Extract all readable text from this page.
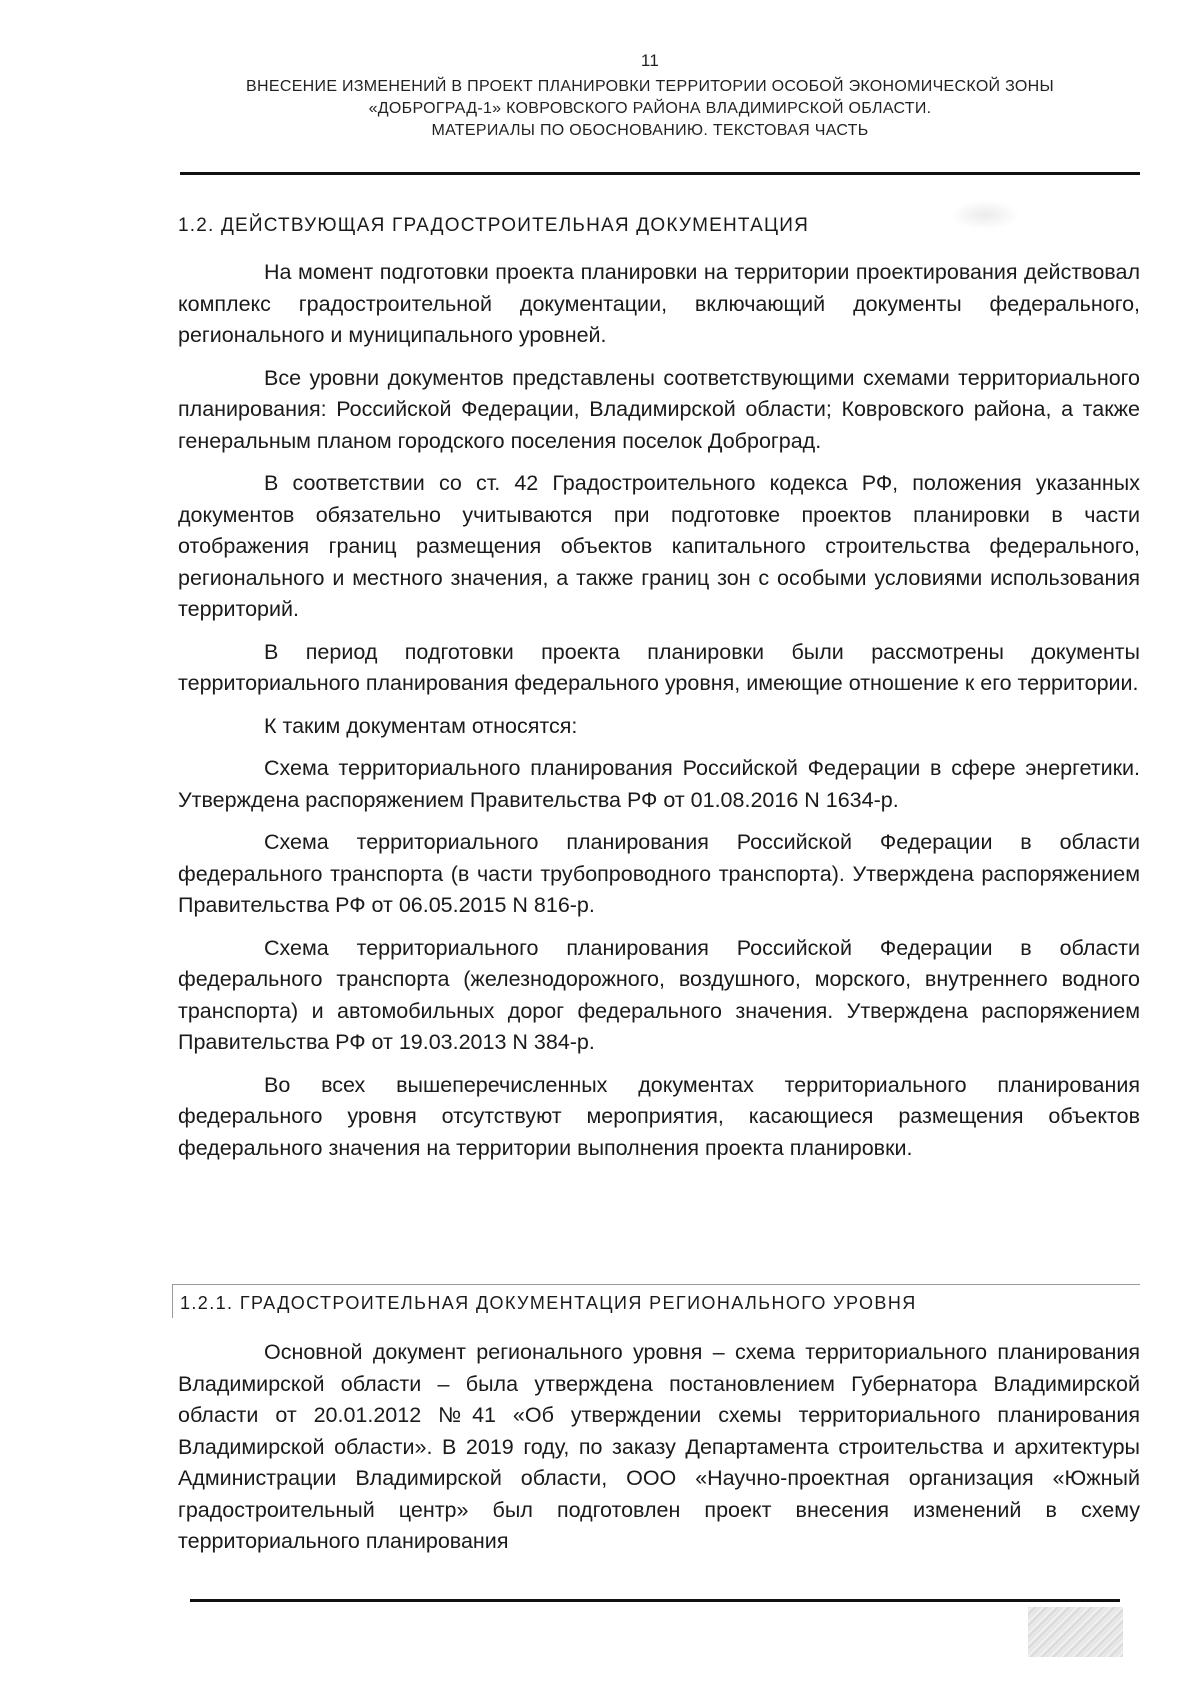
11
ВНЕСЕНИЕ ИЗМЕНЕНИЙ В ПРОЕКТ ПЛАНИРОВКИ ТЕРРИТОРИИ ОСОБОЙ ЭКОНОМИЧЕСКОЙ ЗОНЫ
«ДОБРОГРАД-1» КОВРОВСКОГО РАЙОНА ВЛАДИМИРСКОЙ ОБЛАСТИ.
МАТЕРИАЛЫ ПО ОБОСНОВАНИЮ. ТЕКСТОВАЯ ЧАСТЬ
1.2. ДЕЙСТВУЮЩАЯ ГРАДОСТРОИТЕЛЬНАЯ ДОКУМЕНТАЦИЯ

На момент подготовки проекта планировки на территории проектирования действовал комплекс градостроительной документации, включающий документы федерального, регионального и муниципального уровней.

Все уровни документов представлены соответствующими схемами территориального планирования: Российской Федерации, Владимирской области; Ковровского района, а также генеральным планом городского поселения поселок Доброград.

В соответствии со ст. 42 Градостроительного кодекса РФ, положения указанных документов обязательно учитываются при подготовке проектов планировки в части отображения границ размещения объектов капитального строительства федерального, регионального и местного значения, а также границ зон с особыми условиями использования территорий.

В период подготовки проекта планировки были рассмотрены документы территориального планирования федерального уровня, имеющие отношение к его территории.

К таким документам относятся:

Схема территориального планирования Российской Федерации в сфере энергетики. Утверждена распоряжением Правительства РФ от 01.08.2016 N 1634-р.

Схема территориального планирования Российской Федерации в области федерального транспорта (в части трубопроводного транспорта). Утверждена распоряжением Правительства РФ от 06.05.2015 N 816-р.

Схема территориального планирования Российской Федерации в области федерального транспорта (железнодорожного, воздушного, морского, внутреннего водного транспорта) и автомобильных дорог федерального значения. Утверждена распоряжением Правительства РФ от 19.03.2013 N 384-р.

Во всех вышеперечисленных документах территориального планирования федерального уровня отсутствуют мероприятия, касающиеся размещения объектов федерального значения на территории выполнения проекта планировки.

1.2.1. ГРАДОСТРОИТЕЛЬНАЯ ДОКУМЕНТАЦИЯ РЕГИОНАЛЬНОГО УРОВНЯ

Основной документ регионального уровня – схема территориального планирования Владимирской области – была утверждена постановлением Губернатора Владимирской области от 20.01.2012 №41 «Об утверждении схемы территориального планирования Владимирской области». В 2019 году, по заказу Департамента строительства и архитектуры Администрации Владимирской области, ООО «Научно-проектная организация «Южный градостроительный центр» был подготовлен проект внесения изменений в схему территориального планирования
